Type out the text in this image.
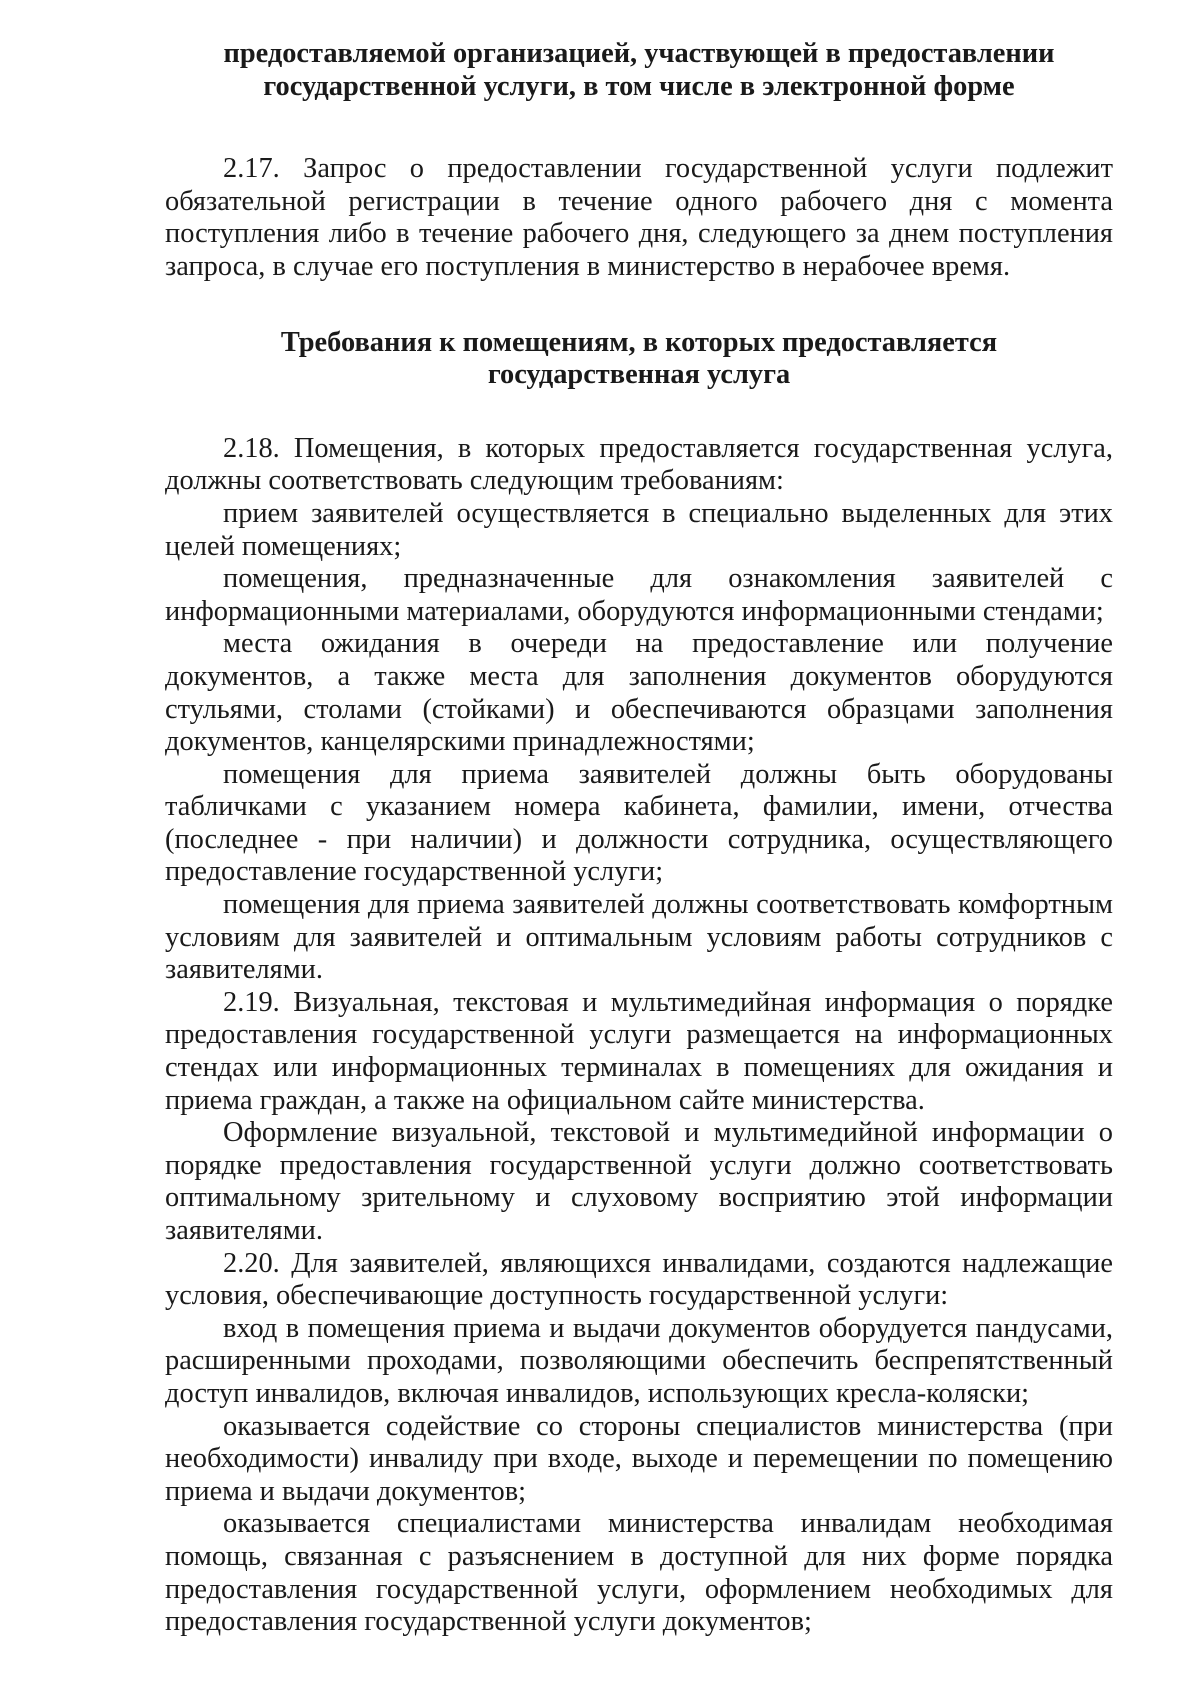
предоставляемой организацией, участвующей в предоставлении
государственной услуги, в том числе в электронной форме

2.17. Запрос о предоставлении государственной услуги подлежит обязательной регистрации в течение одного рабочего дня с момента поступления либо в течение рабочего дня, следующего за днем поступления запроса, в случае его поступления в министерство в нерабочее время.

Требования к помещениям, в которых предоставляется
государственная услуга

2.18. Помещения, в которых предоставляется государственная услуга, должны соответствовать следующим требованиям:

прием заявителей осуществляется в специально выделенных для этих целей помещениях;

помещения, предназначенные для ознакомления заявителей с информационными материалами, оборудуются информационными стендами;

места ожидания в очереди на предоставление или получение документов, а также места для заполнения документов оборудуются стульями, столами (стойками) и обеспечиваются образцами заполнения документов, канцелярскими принадлежностями;

помещения для приема заявителей должны быть оборудованы табличками с указанием номера кабинета, фамилии, имени, отчества (последнее - при наличии) и должности сотрудника, осуществляющего предоставление государственной услуги;

помещения для приема заявителей должны соответствовать комфортным условиям для заявителей и оптимальным условиям работы сотрудников с заявителями.

2.19. Визуальная, текстовая и мультимедийная информация о порядке предоставления государственной услуги размещается на информационных стендах или информационных терминалах в помещениях для ожидания и приема граждан, а также на официальном сайте министерства.

Оформление визуальной, текстовой и мультимедийной информации о порядке предоставления государственной услуги должно соответствовать оптимальному зрительному и слуховому восприятию этой информации заявителями.

2.20. Для заявителей, являющихся инвалидами, создаются надлежащие условия, обеспечивающие доступность государственной услуги:

вход в помещения приема и выдачи документов оборудуется пандусами, расширенными проходами, позволяющими обеспечить беспрепятственный доступ инвалидов, включая инвалидов, использующих кресла-коляски;

оказывается содействие со стороны специалистов министерства (при необходимости) инвалиду при входе, выходе и перемещении по помещению приема и выдачи документов;

оказывается специалистами министерства инвалидам необходимая помощь, связанная с разъяснением в доступной для них форме порядка предоставления государственной услуги, оформлением необходимых для предоставления государственной услуги документов;
